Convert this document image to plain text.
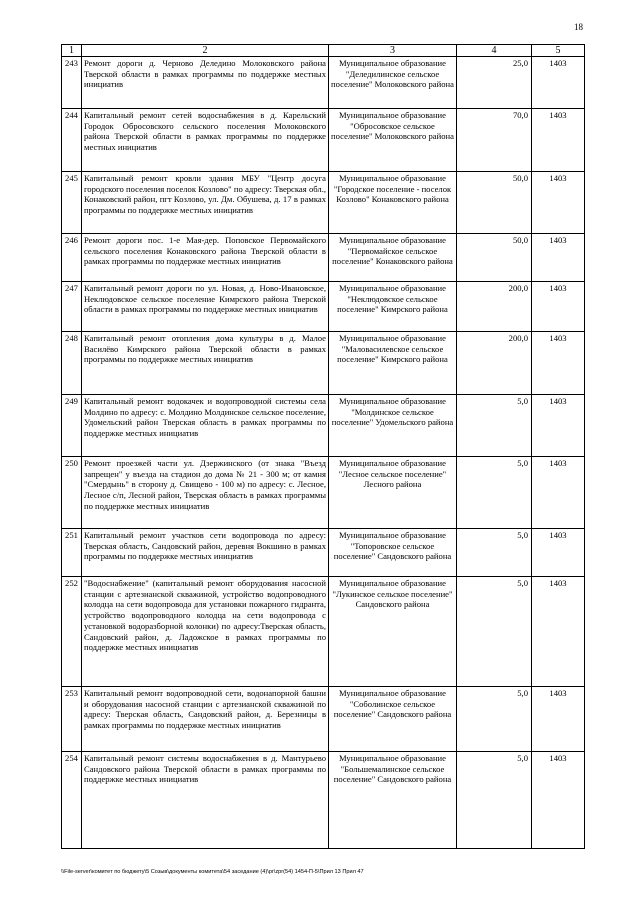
18
1	2	3	4	5
243	Ремонт дороги д. Черново Деледино Молоковского района Тверской области в рамках программы по поддержке местных инициатив	Муниципальное образование "Деледилинское сельское поселение" Молоковского района	25,0	1403
244	Капитальный ремонт сетей водоснабжения в д. Карельский Городок Обросовского сельского поселения Молоковского района Тверской области в рамках программы по поддержке местных инициатив	Муниципальное образование "Обросовское сельское поселение" Молоковского района	70,0	1403
245	Капитальный ремонт кровли здания МБУ "Центр досуга городского поселения поселок Козлово" по адресу: Тверская обл., Конаковский район, пгт Козлово, ул. Дм. Обушева, д. 17 в рамках программы по поддержке местных инициатив	Муниципальное образование "Городское поселение - поселок Козлово" Конаковского района	50,0	1403
246	Ремонт дороги пос. 1-е Мая-дер. Поповское Первомайского сельского поселения Конаковского района Тверской области в рамках программы по поддержке местных инициатив	Муниципальное образование "Первомайское сельское поселение" Конаковского района	50,0	1403
247	Капитальный ремонт дороги по ул. Новая, д. Ново-Ивановское, Неклюдовское сельское поселение Кимрского района Тверской области в рамках программы по поддержке местных инициатив	Муниципальное образование "Неклюдовское сельское поселение" Кимрского района	200,0	1403
248	Капитальный ремонт отопления дома культуры в д. Малое Василёво Кимрского района Тверской области в рамках программы по поддержке местных инициатив	Муниципальное образование "Маловасилевское сельское поселение" Кимрского района	200,0	1403
249	Капитальный ремонт водокачек и водопроводной системы села Молдино по адресу: с. Молдино Молдинское сельское поселение, Удомельский район Тверская область в рамках программы по поддержке местных инициатив	Муниципальное образование "Молдинское сельское поселение" Удомельского района	5,0	1403
250	Ремонт проезжей части ул. Дзержинского (от знака "Въезд запрещен" у въезда на стадион до дома № 21 - 300 м; от камня "Смердынь" в сторону д. Свищево - 100 м) по адресу: с. Лесное, Лесное с/п, Лесной район, Тверская область в рамках программы по поддержке местных инициатив	Муниципальное образование "Лесное сельское поселение" Лесного района	5,0	1403
251	Капитальный ремонт участков сети водопровода по адресу: Тверская область, Сандовский район, деревня Вокшино в рамках программы по поддержке местных инициатив	Муниципальное образование "Топоровское сельское поселение" Сандовского района	5,0	1403
252	"Водоснабжение" (капитальный ремонт оборудования насосной станции с артезианской скважиной, устройство водопроводного колодца на сети водопровода для установки пожарного гидранта, устройство водопроводного колодца на сети водопровода с установкой водоразборной колонки) по адресу:Тверская область, Сандовский район, д. Ладожское в рамках программы по поддержке местных инициатив	Муниципальное образование "Лукинское сельское поселение" Сандовского района	5,0	1403
253	Капитальный ремонт водопроводной сети, водонапорной башни и оборудования насосной станции с артезианской скважиной по адресу: Тверская область, Сандовский район, д. Березницы в рамках программы по поддержке местных инициатив	Муниципальное образование "Соболинское сельское поселение" Сандовского района	5,0	1403
254	Капитальный ремонт системы водоснабжения в д. Мантурьево Сандовского района Тверской области в рамках программы по поддержке местных инициатив	Муниципальное образование "Большемалинское сельское поселение" Сандовского района	5,0	1403
\\File-server\комитет по бюджету\5 Созыв\документы комитета\54 заседание (4)\pr\zpr(54) 1454-П-5\Прил 13 Прил 47
